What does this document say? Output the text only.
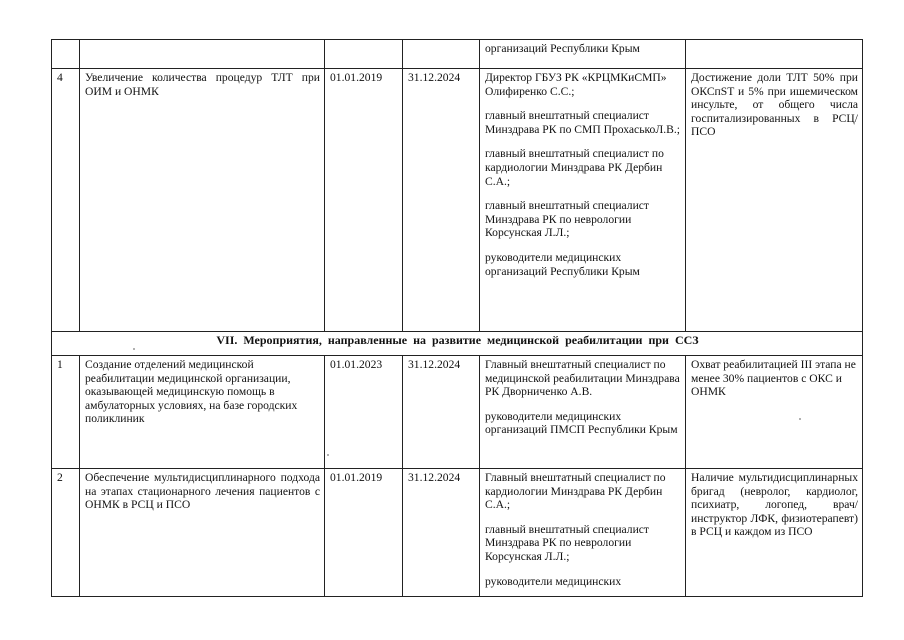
				организаций Республики Крым	

4	Увеличение количества процедур ТЛТ при ОИМ и ОНМК	01.01.2019	31.12.2024	Директор ГБУЗ РК «КРЦМКиСМП» Олифиренко С.С.;

главный внештатный специалист Минздрава РК по СМП ПрохаськоЛ.В.;

главный внештатный специалист по кардиологии Минздрава РК Дербин С.А.;

главный внештатный специалист Минздрава РК по неврологии Корсунская Л.Л.;

руководители медицинских организаций Республики Крым	Достижение доли ТЛТ 50% при ОКСпST и 5% при ишемическом инсульте, от общего числа госпитализированных в РСЦ/ПСО
VII. Мероприятия, направленные на развитие медицинской реабилитации при ССЗ					
1	Создание отделений медицинской реабилитации медицинской организации, оказывающей медицинскую помощь в амбулаторных условиях, на базе городских поликлиник	01.01.2023	31.12.2024	Главный внештатный специалист по медицинской реабилитации Минздрава РК Дворниченко А.В.

руководители медицинских организаций ПМСП Республики Крым	Охват реабилитацией III этапа не менее 30% пациентов с ОКС и ОНМК
2	Обеспечение мультидисциплинарного подхода на этапах стационарного лечения пациентов с ОНМК в РСЦ и ПСО	01.01.2019	31.12.2024	Главный внештатный специалист по кардиологии Минздрава РК Дербин С.А.;

главный внештатный специалист Минздрава РК по неврологии Корсунская Л.Л.;

руководители медицинских	Наличие мультидисциплинарных бригад (невролог, кардиолог, психиатр, логопед, врач/инструктор ЛФК, физиотерапевт) в РСЦ и каждом из ПСО
